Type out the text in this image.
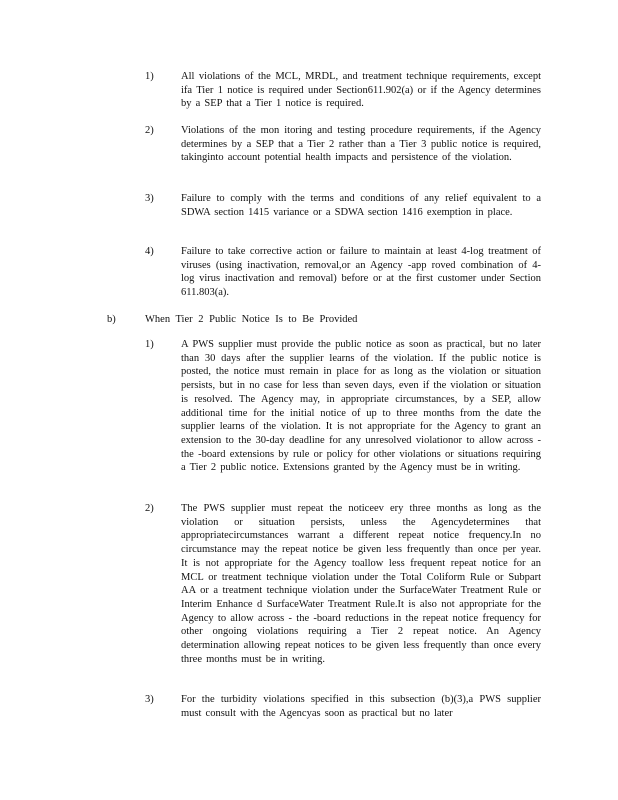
1)	All violations of the MCL, MRDL, and treatment technique requirements, except ifa Tier 1 notice is required under Section611.902(a) or if the Agency determines by a SEP that a Tier 1 notice is required.
2)	Violations of the mon itoring and testing procedure requirements, if the Agency determines by a SEP that a Tier 2 rather than a Tier 3 public notice is required, takinginto account potential health impacts and persistence of the violation.
3)	Failure to comply with the terms and conditions of any relief equivalent to a SDWA section 1415 variance or a SDWA section 1416 exemption in place.
4)	Failure to take corrective action or failure to maintain at least 4-log treatment of viruses (using inactivation, removal,or an Agency -app roved combination of 4-log virus inactivation and removal) before or at the first customer under Section 611.803(a).
b)	When Tier 2 Public Notice Is to Be Provided
1)	A PWS supplier must provide the public notice as soon as practical, but no later than 30 days after the supplier learns of the violation. If the public notice is posted, the notice must remain in place for as long as the violation or situation persists, but in no case for less than seven days, even if the violation or situation is resolved. The Agency may, in appropriate circumstances, by a SEP, allow additional time for the initial notice of up to three months from the date the supplier learns of the violation. It is not appropriate for the Agency to grant an extension to the 30-day deadline for any unresolved violationor to allow across - the -board extensions by rule or policy for other violations or situations requiring a Tier 2 public notice. Extensions granted by the Agency must be in writing.
2)	The PWS supplier must repeat the noticeev ery three months as long as the violation or situation persists, unless the Agencydetermines that appropriatecircumstances warrant a different repeat notice frequency.In no circumstance may the repeat notice be given less frequently than once per year. It is not appropriate for the Agency toallow less frequent repeat notice for an MCL or treatment technique violation under the Total Coliform Rule or Subpart AA or a treatment technique violation under the SurfaceWater Treatment Rule or Interim Enhance d SurfaceWater Treatment Rule.It is also not appropriate for the Agency to allow across - the -board reductions in the repeat notice frequency for other ongoing violations requiring a Tier 2 repeat notice. An Agency determination allowing repeat notices to be given less frequently than once every three months must be in writing.
3)	For the turbidity violations specified in this subsection (b)(3),a PWS supplier must consult with the Agencyas soon as practical but no later
